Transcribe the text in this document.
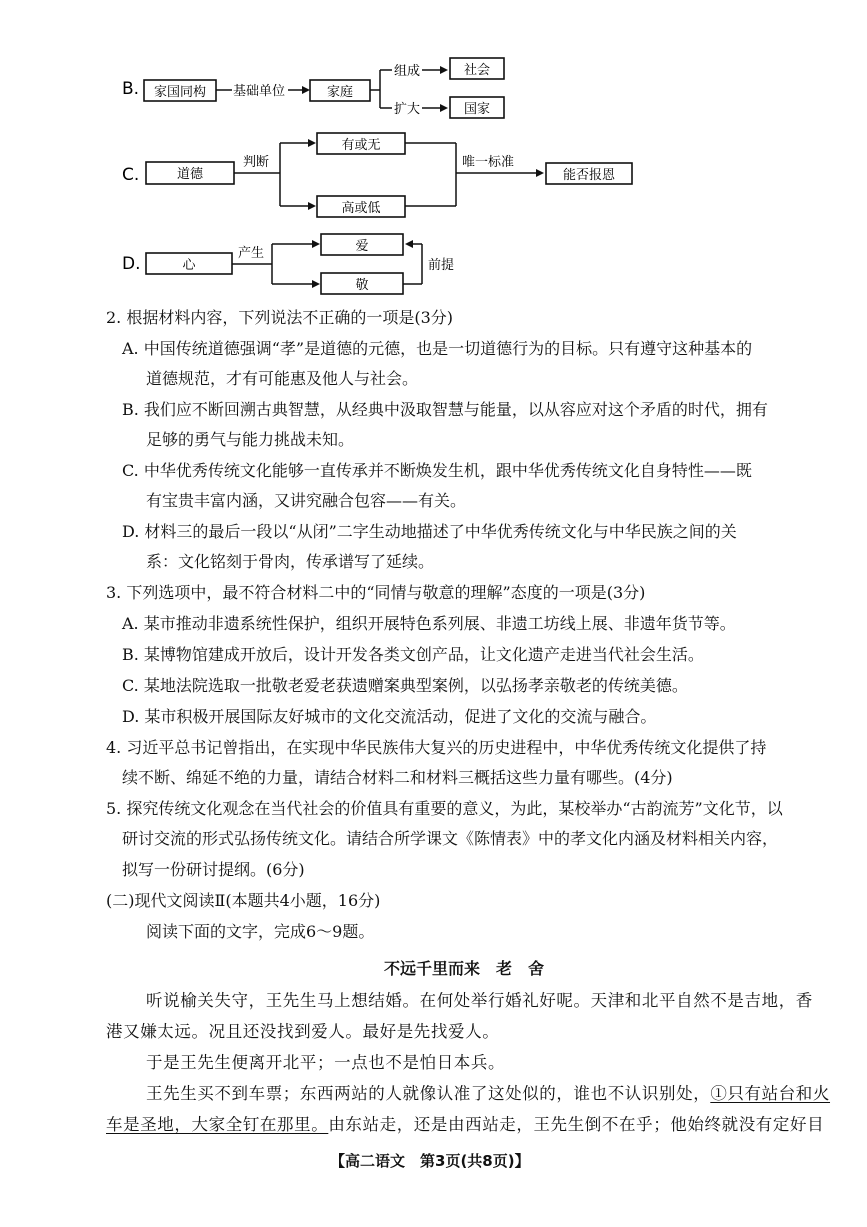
B. 家国同构 基础单位	家庭
组成	社会
扩大	国家
C.	道德
判断
有或无
高或低
唯一标准
能否报恩
D.	心
产生	爱
敬
前提
2. 根据材料内容，下列说法不正确的一项是(3分)
A. 中国传统道德强调“孝”是道德的元德，也是一切道德行为的目标。只有遵守这种基本的
道德规范，才有可能惠及他人与社会。
B. 我们应不断回溯古典智慧，从经典中汲取智慧与能量，以从容应对这个矛盾的时代，拥有
足够的勇气与能力挑战未知。
C. 中华优秀传统文化能够一直传承并不断焕发生机，跟中华优秀传统文化自身特性——既
有宝贵丰富内涵，又讲究融合包容——有关。
D. 材料三的最后一段以“从闭”二字生动地描述了中华优秀传统文化与中华民族之间的关
系：文化铭刻于骨肉，传承谱写了延续。
3. 下列选项中，最不符合材料二中的“同情与敬意的理解”态度的一项是(3分)
A. 某市推动非遗系统性保护，组织开展特色系列展、非遗工坊线上展、非遗年货节等。
B. 某博物馆建成开放后，设计开发各类文创产品，让文化遗产走进当代社会生活。
C. 某地法院选取一批敬老爱老获遗赠案典型案例，以弘扬孝亲敬老的传统美德。
D. 某市积极开展国际友好城市的文化交流活动，促进了文化的交流与融合。
4. 习近平总书记曾指出，在实现中华民族伟大复兴的历史进程中，中华优秀传统文化提供了持
续不断、绵延不绝的力量，请结合材料二和材料三概括这些力量有哪些。(4分)
5. 探究传统文化观念在当代社会的价值具有重要的意义，为此，某校举办“古韵流芳”文化节，以
研讨交流的形式弘扬传统文化。请结合所学课文《陈情表》中的孝文化内涵及材料相关内容，
拟写一份研讨提纲。(6分)
(二)现代文阅读Ⅱ(本题共4小题，16分)
阅读下面的文字，完成6～9题。
不远千里而来　老　舍
听说榆关失守，王先生马上想结婚。在何处举行婚礼好呢。天津和北平自然不是吉地，香
港又嫌太远。况且还没找到爱人。最好是先找爱人。
于是王先生便离开北平；一点也不是怕日本兵。
王先生买不到车票；东西两站的人就像认准了这处似的，谁也不认识别处，①只有站台和火
车是圣地，大家全钉在那里。由东站走，还是由西站走，王先生倒不在乎；他始终就没有定好目
【高二语文　第3页(共8页)】
